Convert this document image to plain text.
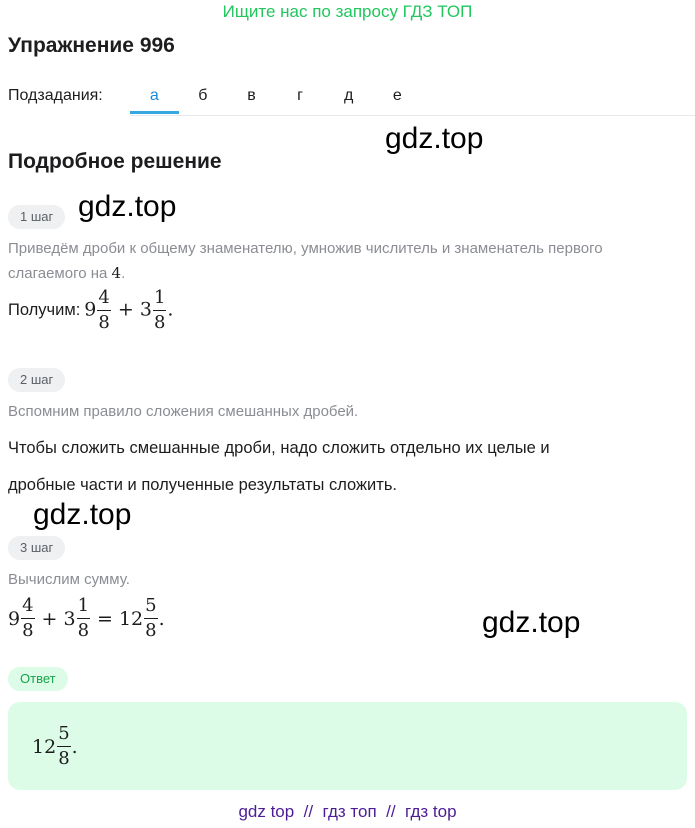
Ищите нас по запросу ГДЗ ТОП
Упражнение 996
Подзадания:	а	б	в	г	д	е
gdz.top
Подробное решение
gdz.top
1 шаг
Приведём дроби к общему знаменателю, умножив числитель и знаменатель первого
слагаемого на 4.
Получим: $9 \frac{4}{8} + 3 \frac{1}{8}$ .
2 шаг
Вспомним правило сложения смешанных дробей.
Чтобы сложить смешанные дроби, надо сложить отдельно их целые и
дробные части и полученные результаты сложить.
gdz.top
3 шаг
Вычислим сумму.
$9 \frac{4}{8} + 3 \frac{1}{8} = 12 \frac{5}{8}$ .	gdz.top
Ответ
$12 \frac{5}{8}$ .
gdz top  //  гдз топ  //  гдз top
